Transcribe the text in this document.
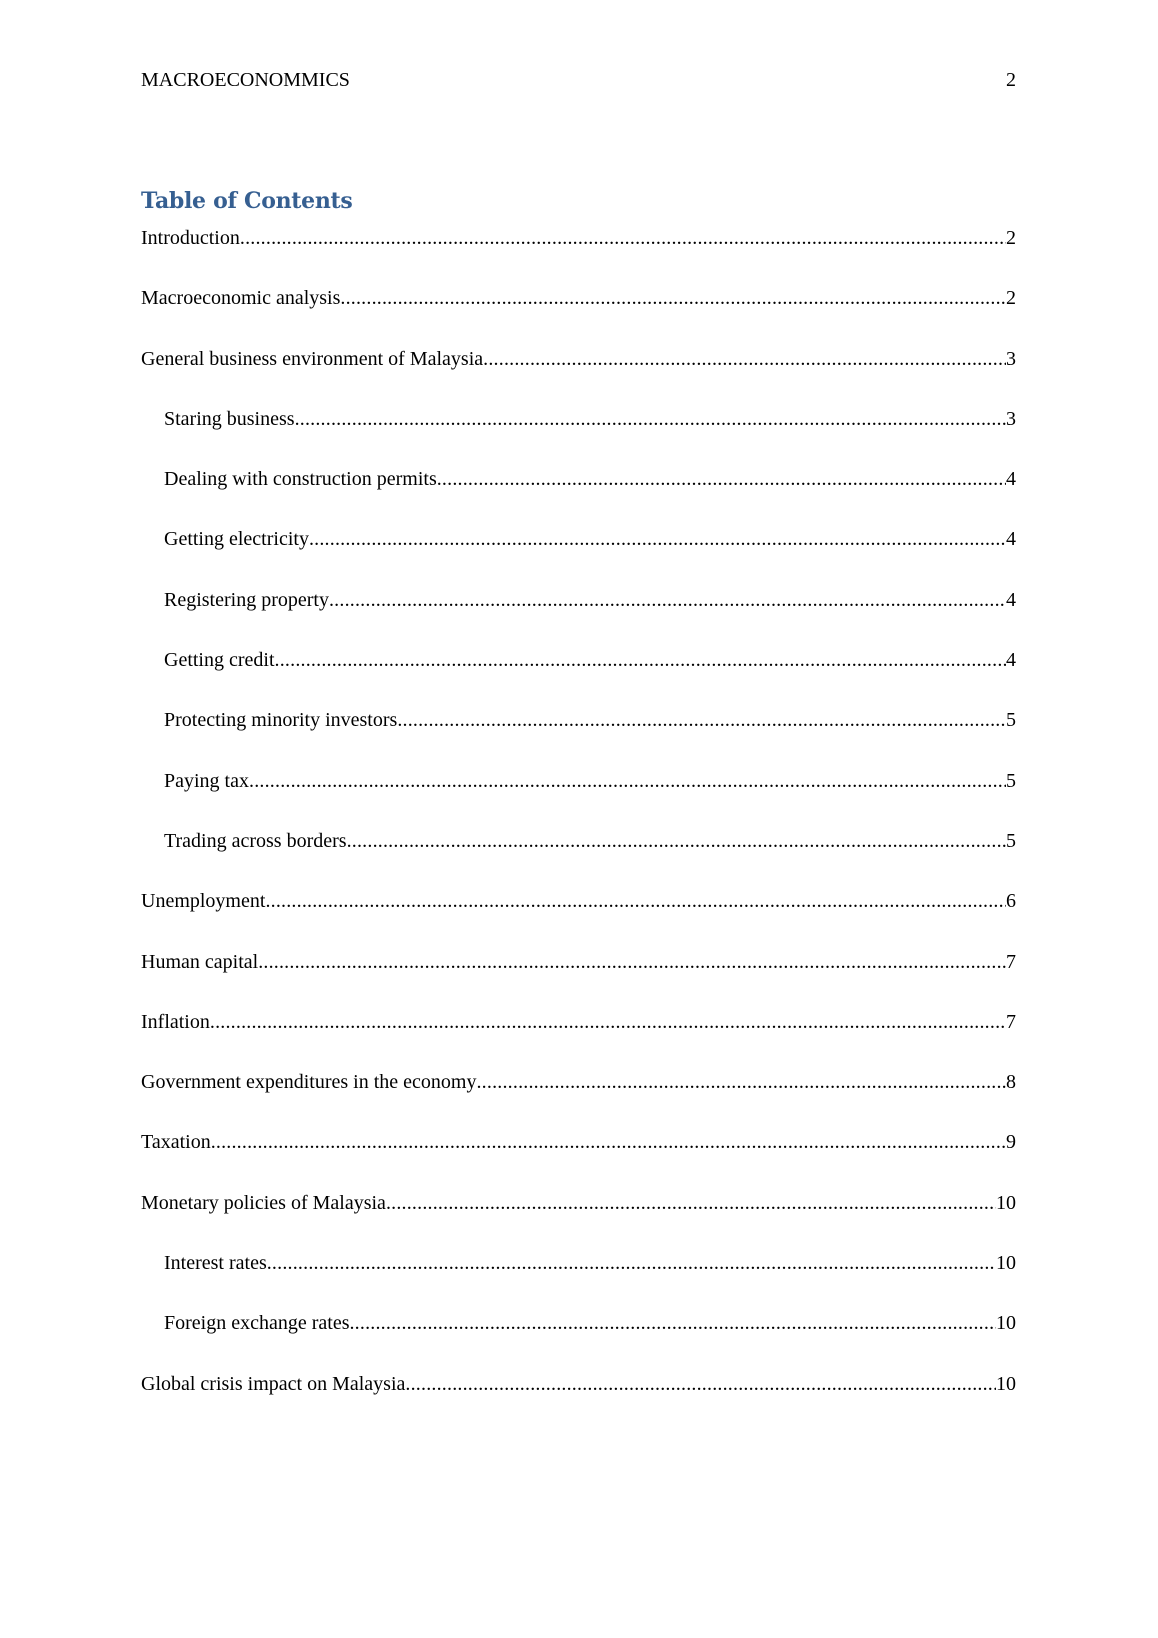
MACROECONOMMICS	2
Table of Contents
Introduction .....	2
Macroeconomic analysis .....	2
General business environment of Malaysia .....	3
Staring business .....	3
Dealing with construction permits .....	4
Getting electricity .....	4
Registering property .....	4
Getting credit .....	4
Protecting minority investors .....	5
Paying tax .....	5
Trading across borders .....	5
Unemployment .....	6
Human capital .....	7
Inflation .....	7
Government expenditures in the economy .....	8
Taxation .....	9
Monetary policies of Malaysia .....	10
Interest rates .....	10
Foreign exchange rates .....	10
Global crisis impact on Malaysia .....	10
